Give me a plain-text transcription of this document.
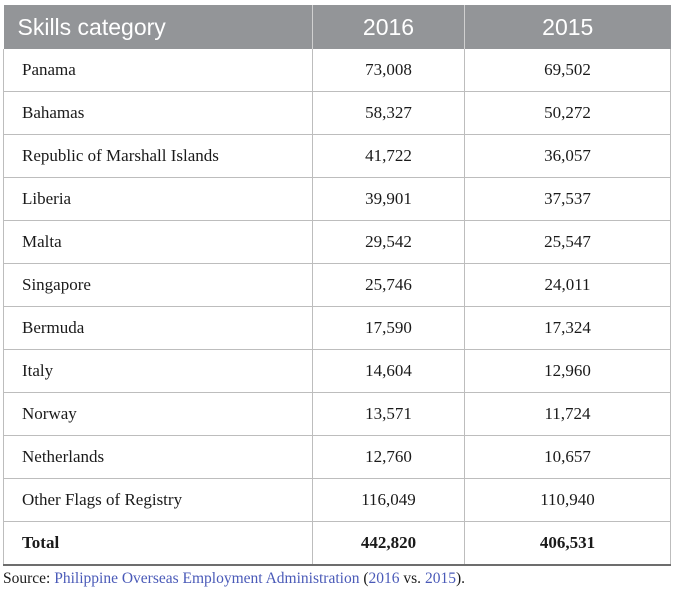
Skills category	2016	2015
Panama	73,008	69,502
Bahamas	58,327	50,272
Republic of Marshall Islands	41,722	36,057
Liberia	39,901	37,537
Malta	29,542	25,547
Singapore	25,746	24,011
Bermuda	17,590	17,324
Italy	14,604	12,960
Norway	13,571	11,724
Netherlands	12,760	10,657
Other Flags of Registry	116,049	110,940
Total	442,820	406,531
Source: Philippine Overseas Employment Administration (2016 vs. 2015).
